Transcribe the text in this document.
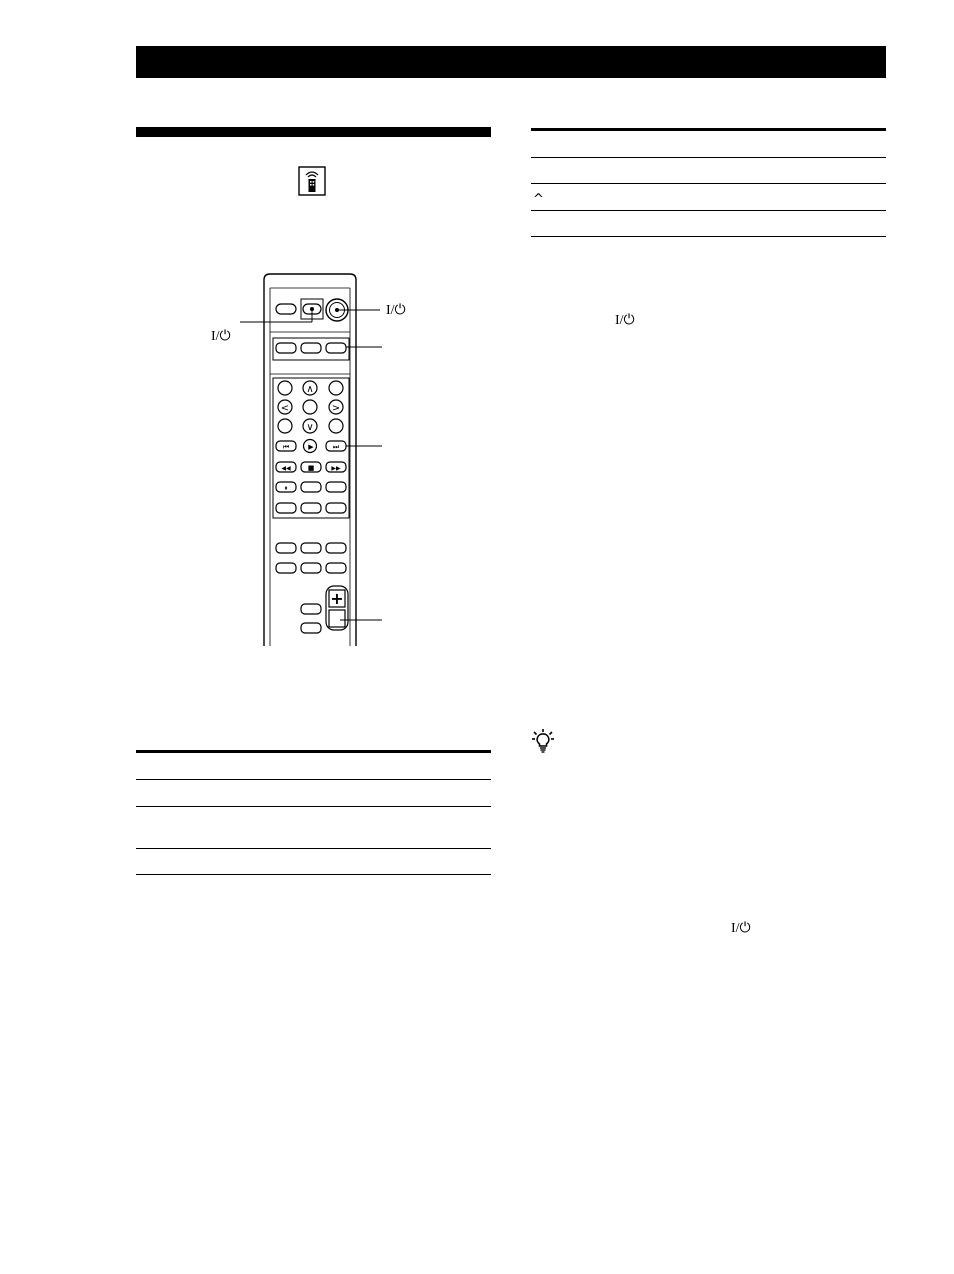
∧
<	>
∨
⏮	▶	⏭
◀◀ ■	▶▶
⏸
+
I/⏻
I/⏻
^
I/⏻
I/⏻
